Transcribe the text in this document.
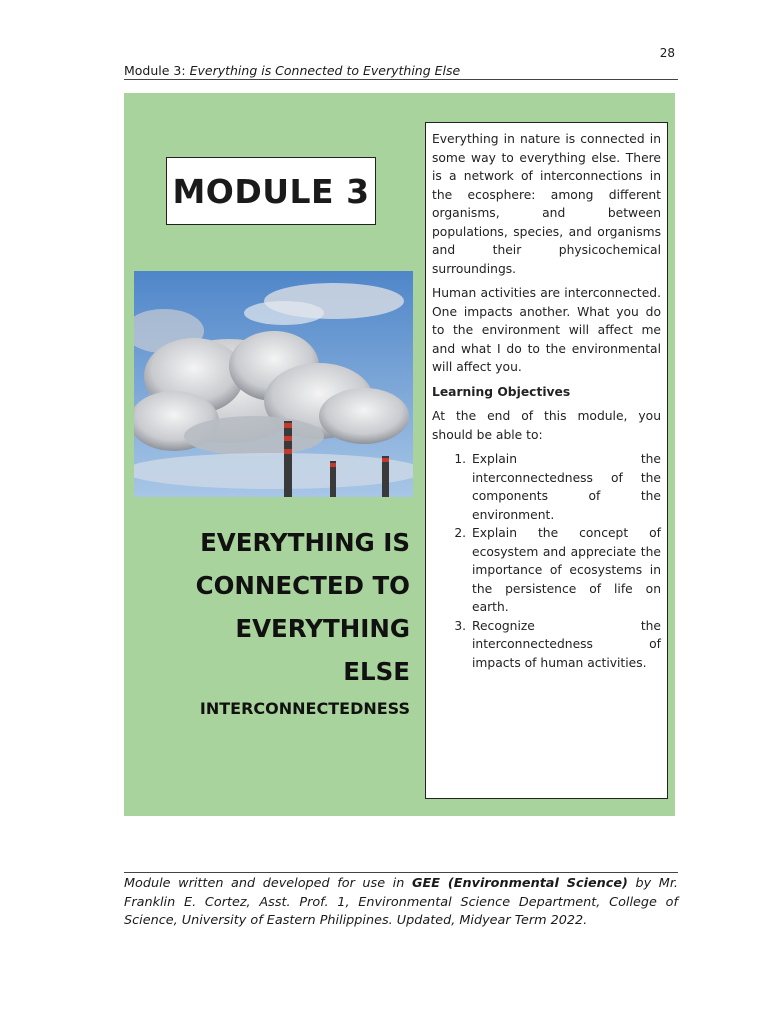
28
Module 3: Everything is Connected to Everything Else
MODULE 3
EVERYTHING IS
CONNECTED TO
EVERYTHING
ELSE
INTERCONNECTEDNESS

Everything in nature is connected in some way to everything else. There is a network of interconnections in the ecosphere: among different organisms, and between populations, species, and organisms and their physicochemical surroundings.

Human activities are interconnected. One impacts another. What you do to the environment will affect me and what I do to the environmental will affect you.

Learning Objectives

At the end of this module, you should be able to:

1. Explain the interconnectedness of the components of the environment.
2. Explain the concept of ecosystem and appreciate the importance of ecosystems in the persistence of life on earth.
3. Recognize the interconnectedness of impacts of human activities.
Module written and developed for use in GEE (Environmental Science) by Mr. Franklin E. Cortez, Asst. Prof. 1, Environmental Science Department, College of Science, University of Eastern Philippines. Updated, Midyear Term 2022.
